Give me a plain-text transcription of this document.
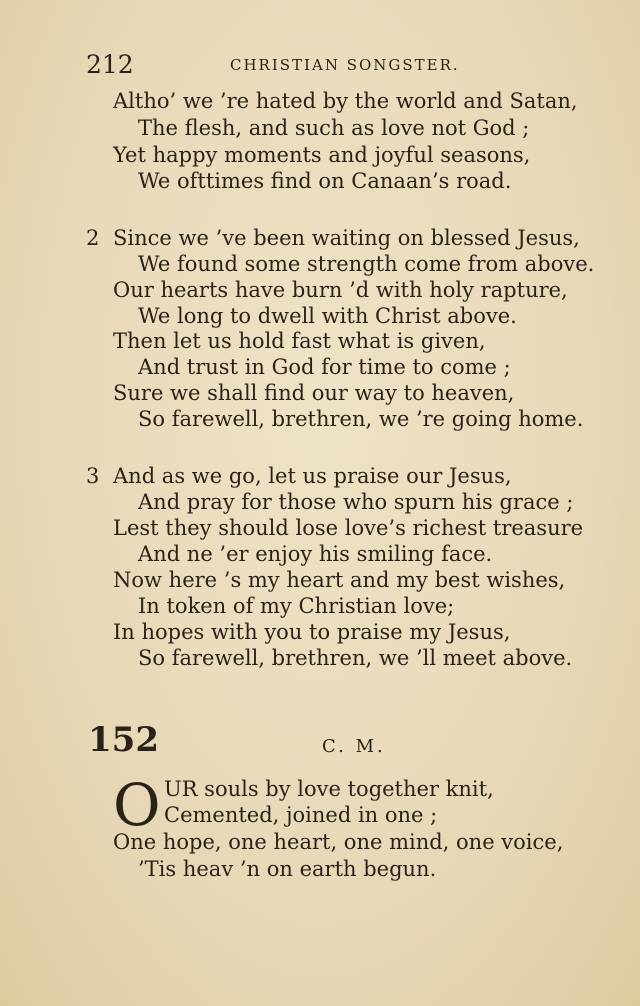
212	CHRISTIAN SONGSTER.
Altho’ we ’re hated by the world and Satan,
The flesh, and such as love not God ;
Yet happy moments and joyful seasons,
We ofttimes find on Canaan’s road.
2 Since we ’ve been waiting on blessed Jesus,
We found some strength come from above.
Our hearts have burn ’d with holy rapture,
We long to dwell with Christ above.
Then let us hold fast what is given,
And trust in God for time to come ;
Sure we shall find our way to heaven,
So farewell, brethren, we ’re going home.
3 And as we go, let us praise our Jesus,
And pray for those who spurn his grace ;
Lest they should lose love’s richest treasure
And ne ’er enjoy his smiling face.
Now here ’s my heart and my best wishes,
In token of my Christian love;
In hopes with you to praise my Jesus,
So farewell, brethren, we ’ll meet above.
152	C. M.
O UR souls by love together knit,
Cemented, joined in one ;
One hope, one heart, one mind, one voice,
’Tis heav ’n on earth begun.
